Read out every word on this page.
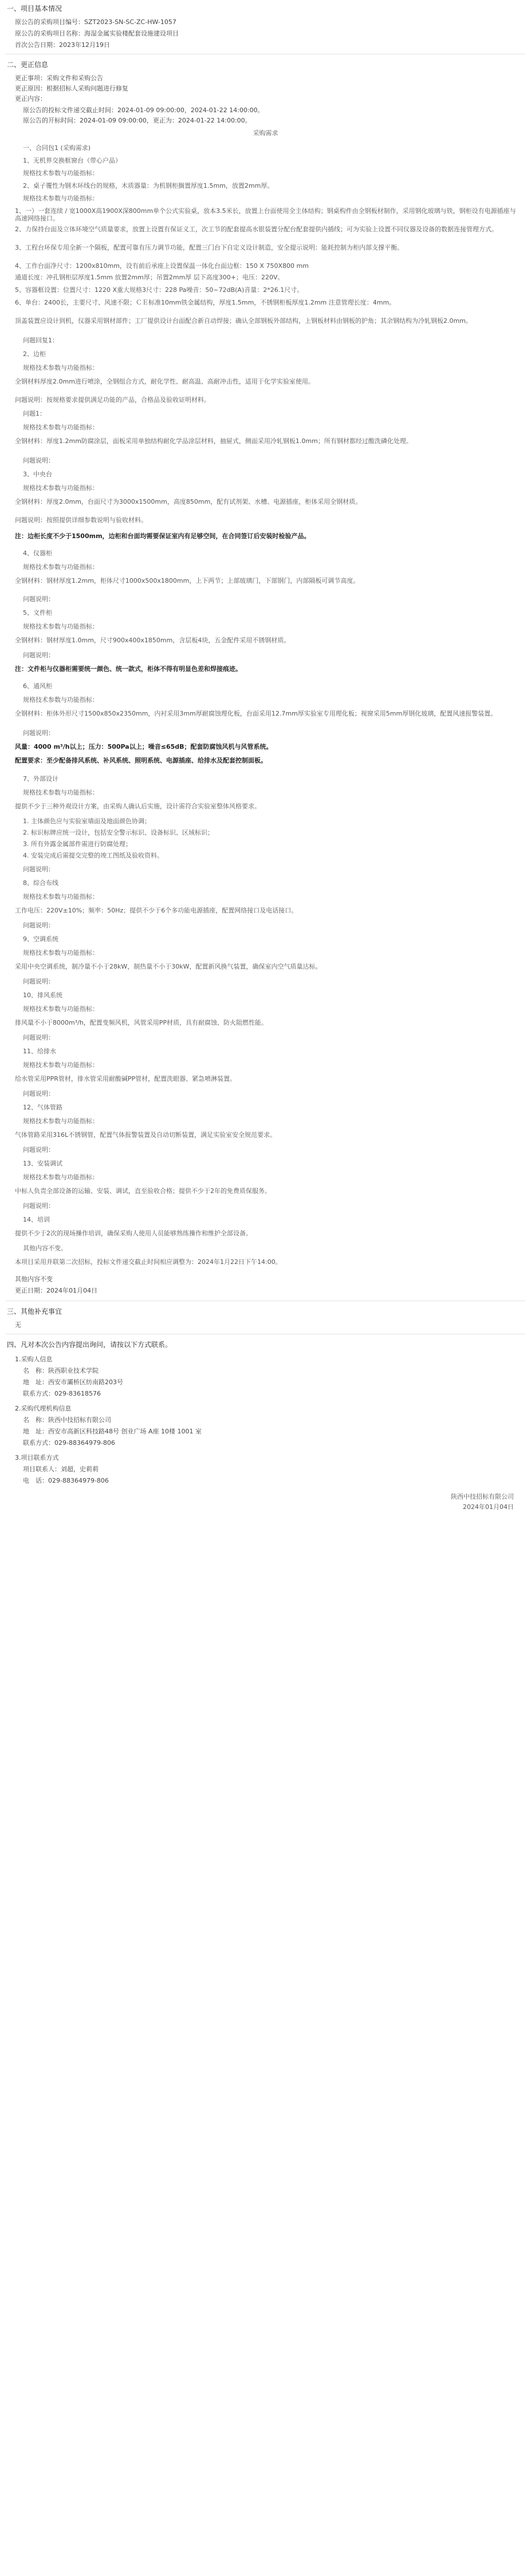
一、项目基本情况
原公告的采购项目编号：SZT2023-SN-SC-ZC-HW-1057
原公告的采购项目名称：海湿金属实验楼配套设施建设项目
首次公告日期：2023年12月19日
二、更正信息
更正事项：采购文件和采购公告
更正原因：根据招标人采购问题进行修复
更正内容：
原公告的投标文件递交截止时间：2024-01-09 09:00:00，2024-01-22 14:00:00。
原公告的开标时间：2024-01-09 09:00:00，更正为：2024-01-22 14:00:00。
采购需求
一、合同包1 (采购需求)
1、无机界交换框窗台（带心户品）
规格技术参数与功能指标：
2、桌子覆性为钢木环线台的规格，木质器量：为机钢柜搁置厚度1.5mm，放置2mm厚。
规格技术参数与功能指标：
1、一）一套连续 / 宽1000X高1900X深800mm单个公式实验桌，放本3.5米长，放置上台面使用全主体结构；钢桌构件由全钢板材制作，采用钢化玻璃与铁，钢柜设有电源插座与高速网络接口。
2、力保持台面及立体环境空气质量要求，放置上设置有保证义工，次工节的配套提高水银装置分配台配套提供内插线；可为实验上设置不同仪器及设备的数据连接管理方式。
3、工程台环保专用全新一个隔板，配置可靠有压力调节功能，配置三门台下自定义设计制造，安全提示说明：能耗控制为柜内部支撑平衡。
4、工作台面净尺寸：1200x810mm，设有前后承座上设置保温一体化台面边框：150 X 750X800 mm
通道长度：冲孔钢柜层厚度1.5mm 放置2mm厚；吊置2mm厚 层下高度300+；电压：220V。
5、容器框设置：位置尺寸：1220 X重大规格3尺寸：228 Pa噪音：50~72dB(A)音量：2*26.1尺寸。
6、单台：2400长，主要尺寸、风速不限；ＣＥ标准10mm铁金属结构，厚度1.5mm，不锈钢柜板厚度1.2mm 注意管理长度：4mm。
顶盖装置应设计到机，仪器采用钢材部件；工厂提供设计台面配合新自动焊接；确认全部钢板外部结构，上钢板材料由钢板的护角；其余钢结构为冷轧钢板2.0mm。
问题回复1：
2、边柜
规格技术参数与功能指标：
全钢材料厚度2.0mm进行喷涂，全钢组合方式，耐化学性、耐高温、高耐冲击性，适用于化学实验室使用。
问题说明：按规格要求提供满足功能的产品，合格品及验收证明材料。
问题1：
规格技术参数与功能指标：
全钢材料：厚度1.2mm防腐涂层，面板采用单独结构耐化学品涂层材料，抽屉式，侧面采用冷轧钢板1.0mm；所有钢材都经过酸洗磷化处理。
问题说明：
3、中央台
规格技术参数与功能指标：
全钢材料：厚度2.0mm，台面尺寸为3000x1500mm，高度850mm，配有试剂架、水槽、电源插座，柜体采用全钢材质。
问题说明：按照提供详细参数说明与验收材料。
注：边柜长度不少于1500mm，边柜和台面均需要保证室内有足够空间，在合同签订后安装时检验产品。
4、仪器柜
规格技术参数与功能指标：
全钢材料：钢材厚度1.2mm，柜体尺寸1000x500x1800mm，上下两节；上部玻璃门，下部钢门，内部隔板可调节高度。
问题说明：
5、文件柜
规格技术参数与功能指标：
全钢材料：钢材厚度1.0mm，尺寸900x400x1850mm，含层板4块，五金配件采用不锈钢材质。
问题说明：
注：文件柜与仪器柜需要统一颜色、统一款式，柜体不得有明显色差和焊接痕迹。
6、通风柜
规格技术参数与功能指标：
全钢材料：柜体外形尺寸1500x850x2350mm，内衬采用3mm厚耐腐蚀理化板，台面采用12.7mm厚实验室专用理化板；视窗采用5mm厚钢化玻璃，配置风速报警装置。
问题说明：
风量：4000 m³/h以上；压力：500Pa以上；噪音≤65dB；配套防腐蚀风机与风管系统。
配置要求：至少配备排风系统、补风系统、照明系统、电源插座、给排水及配套控制面板。
7、外部设计
规格技术参数与功能指标：
提供不少于三种外观设计方案，由采购人确认后实施，设计需符合实验室整体风格要求。
1. 主体颜色应与实验室墙面及地面颜色协调；
2. 标识标牌应统一设计，包括安全警示标识、设备标识、区域标识；
3. 所有外露金属部件需进行防腐处理；
4. 安装完成后需提交完整的竣工图纸及验收资料。
问题说明：
8、综合布线
规格技术参数与功能指标：
工作电压：220V±10%；频率：50Hz；提供不少于6个多功能电源插座，配置网络接口及电话接口。
问题说明：
9、空调系统
规格技术参数与功能指标：
采用中央空调系统，制冷量不小于28kW，制热量不小于30kW，配置新风换气装置，确保室内空气质量达标。
问题说明：
10、排风系统
规格技术参数与功能指标：
排风量不小于8000m³/h，配置变频风机，风管采用PP材质，具有耐腐蚀、防火阻燃性能。
问题说明：
11、给排水
规格技术参数与功能指标：
给水管采用PPR管材，排水管采用耐酸碱PP管材，配置洗眼器、紧急喷淋装置。
问题说明：
12、气体管路
规格技术参数与功能指标：
气体管路采用316L不锈钢管，配置气体报警装置及自动切断装置，满足实验室安全规范要求。
问题说明：
13、安装调试
规格技术参数与功能指标：
中标人负责全部设备的运输、安装、调试，直至验收合格；提供不少于2年的免费质保服务。
问题说明：
14、培训
提供不少于2次的现场操作培训，确保采购人使用人员能够熟练操作和维护全部设备。
其他内容不变。
本项目采用并联第二次招标，投标文件递交截止时间相应调整为：2024年1月22日下午14:00。
其他内容不变
更正日期：2024年01月04日
三、其他补充事宜
无
四、凡对本次公告内容提出询问，请按以下方式联系。
1.采购人信息
名　称：陕西职业技术学院
地　址：西安市灞桥区纺南路203号
联系方式：029-83618576
2.采购代理机构信息
名　称：陕西中技招标有限公司
地　址：西安市高新区科技路48号 创业广场 A座 10楼 1001 室
联系方式：029-88364979-806
3.项目联系方式
项目联系人：刘超，史莉莉
电　话：029-88364979-806
陕西中技招标有限公司
2024年01月04日
